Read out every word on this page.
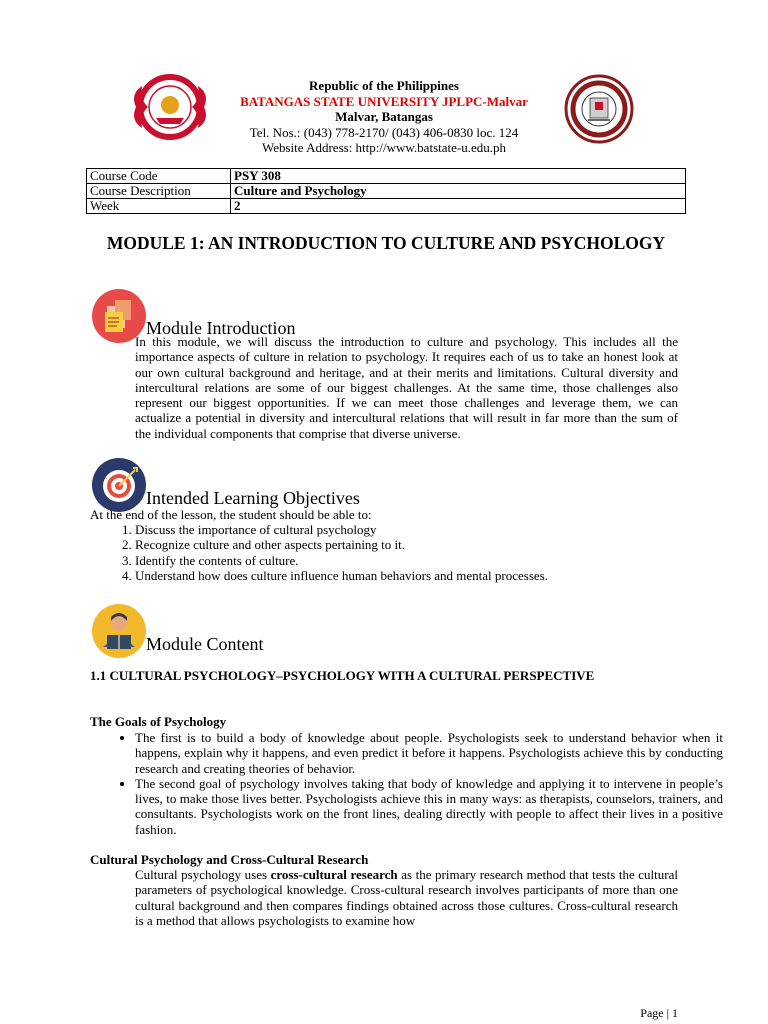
Republic of the Philippines
BATANGAS STATE UNIVERSITY JPLPC-Malvar
Malvar, Batangas
Tel. Nos.: (043) 778-2170/ (043) 406-0830 loc. 124
Website Address: http://www.batstate-u.edu.ph
Course Code	PSY 308
Course Description	Culture and Psychology
Week	2
MODULE 1: AN INTRODUCTION TO CULTURE AND PSYCHOLOGY
Module Introduction
In this module, we will discuss the introduction to culture and psychology. This includes all the importance aspects of culture in relation to psychology. It requires each of us to take an honest look at our own cultural background and heritage, and at their merits and limitations. Cultural diversity and intercultural relations are some of our biggest challenges. At the same time, those challenges also represent our biggest opportunities. If we can meet those challenges and leverage them, we can actualize a potential in diversity and intercultural relations that will result in far more than the sum of the individual components that comprise that diverse universe.
Intended Learning Objectives
At the end of the lesson, the student should be able to:
1. Discuss the importance of cultural psychology
2. Recognize culture and other aspects pertaining to it.
3. Identify the contents of culture.
4. Understand how does culture influence human behaviors and mental processes.
Module Content
1.1 CULTURAL PSYCHOLOGY–PSYCHOLOGY WITH A CULTURAL PERSPECTIVE
The Goals of Psychology
• The first is to build a body of knowledge about people. Psychologists seek to understand behavior when it happens, explain why it happens, and even predict it before it happens. Psychologists achieve this by conducting research and creating theories of behavior.
• The second goal of psychology involves taking that body of knowledge and applying it to intervene in people’s lives, to make those lives better. Psychologists achieve this in many ways: as therapists, counselors, trainers, and consultants. Psychologists work on the front lines, dealing directly with people to affect their lives in a positive fashion.
Cultural Psychology and Cross-Cultural Research
Cultural psychology uses cross-cultural research as the primary research method that tests the cultural parameters of psychological knowledge. Cross-cultural research involves participants of more than one cultural background and then compares findings obtained across those cultures. Cross-cultural research is a method that allows psychologists to examine how
Page | 1
